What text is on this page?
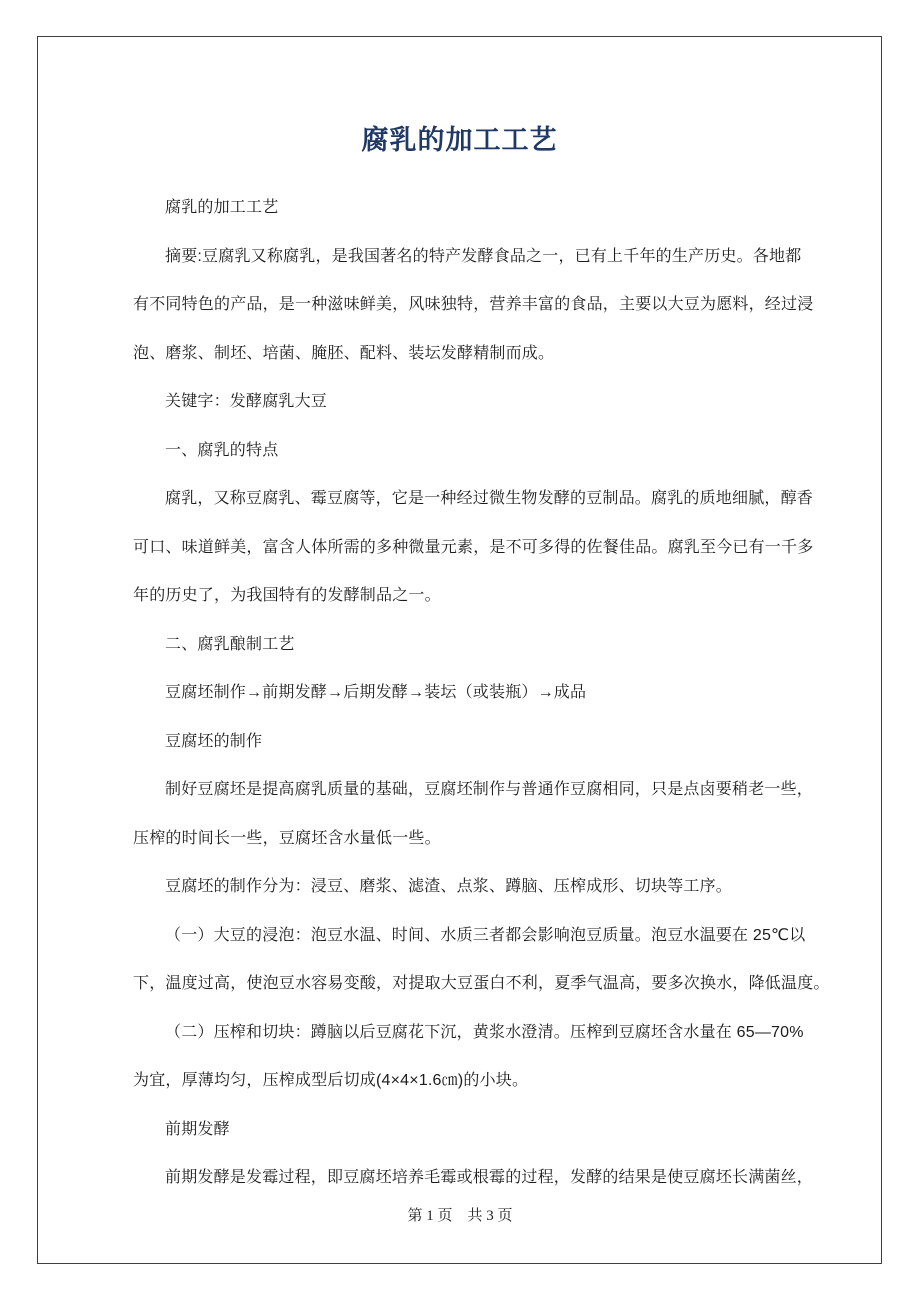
腐乳的加工工艺
腐乳的加工工艺
摘要:豆腐乳又称腐乳，是我国著名的特产发酵食品之一，已有上千年的生产历史。各地都
有不同特色的产品，是一种滋味鲜美，风味独特，营养丰富的食品，主要以大豆为愿料，经过浸
泡、磨浆、制坯、培菌、腌胚、配料、装坛发酵精制而成。
关键字：发酵腐乳大豆
一、腐乳的特点
腐乳，又称豆腐乳、霉豆腐等，它是一种经过微生物发酵的豆制品。腐乳的质地细腻，醇香
可口、味道鲜美，富含人体所需的多种微量元素，是不可多得的佐餐佳品。腐乳至今已有一千多
年的历史了，为我国特有的发酵制品之一。
二、腐乳酿制工艺
豆腐坯制作→前期发酵→后期发酵→装坛（或装瓶）→成品
豆腐坯的制作
制好豆腐坯是提高腐乳质量的基础，豆腐坯制作与普通作豆腐相同，只是点卤要稍老一些，
压榨的时间长一些，豆腐坯含水量低一些。
豆腐坯的制作分为：浸豆、磨浆、滤渣、点浆、蹲脑、压榨成形、切块等工序。
（一）大豆的浸泡：泡豆水温、时间、水质三者都会影响泡豆质量。泡豆水温要在 25℃以
下，温度过高，使泡豆水容易变酸，对提取大豆蛋白不利，夏季气温高，要多次换水，降低温度。
（二）压榨和切块：蹲脑以后豆腐花下沉，黄浆水澄清。压榨到豆腐坯含水量在 65—70%
为宜，厚薄均匀，压榨成型后切成(4×4×1.6㎝)的小块。
前期发酵
前期发酵是发霉过程，即豆腐坯培养毛霉或根霉的过程，发酵的结果是使豆腐坯长满菌丝，
第 1 页　共 3 页
